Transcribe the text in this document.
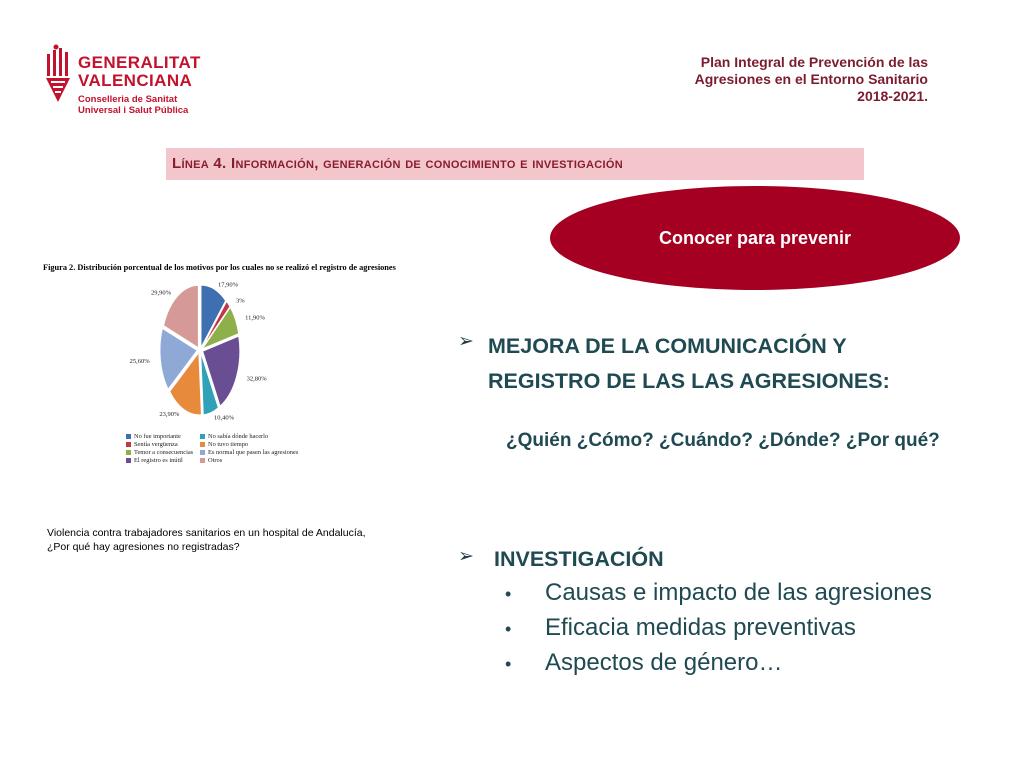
GENERALITAT
VALENCIANA
Conselleria de Sanitat
Universal i Salut Pública
Plan Integral de Prevención de las
Agresiones en el Entorno Sanitario
2018-2021.
Línea 4. Información, generación de conocimiento e investigación
Conocer para prevenir
17,90%
3%
11,90%
32,80%
10,40%
23,90%
25,60%
29,90%
Figura 2. Distribución porcentual de los motivos por los cuales no se realizó el registro de agresiones
No fue importante	No sabía dónde hacerlo
Sentía vergüenza	No tuvo tiempo
Temor a consecuencias Es normal que pasen las agresiones
El registro es inútil	Otros
Violencia contra trabajadores sanitarios en un hospital de Andalucía, ¿Por qué hay agresiones no registradas?
➢ MEJORA DE LA COMUNICACIÓN Y REGISTRO DE LAS LAS AGRESIONES:
¿Quién ¿Cómo? ¿Cuándo? ¿Dónde? ¿Por qué?
➢ INVESTIGACIÓN
•	Causas e impacto de las agresiones
•	Eficacia medidas preventivas
•	Aspectos de género…
